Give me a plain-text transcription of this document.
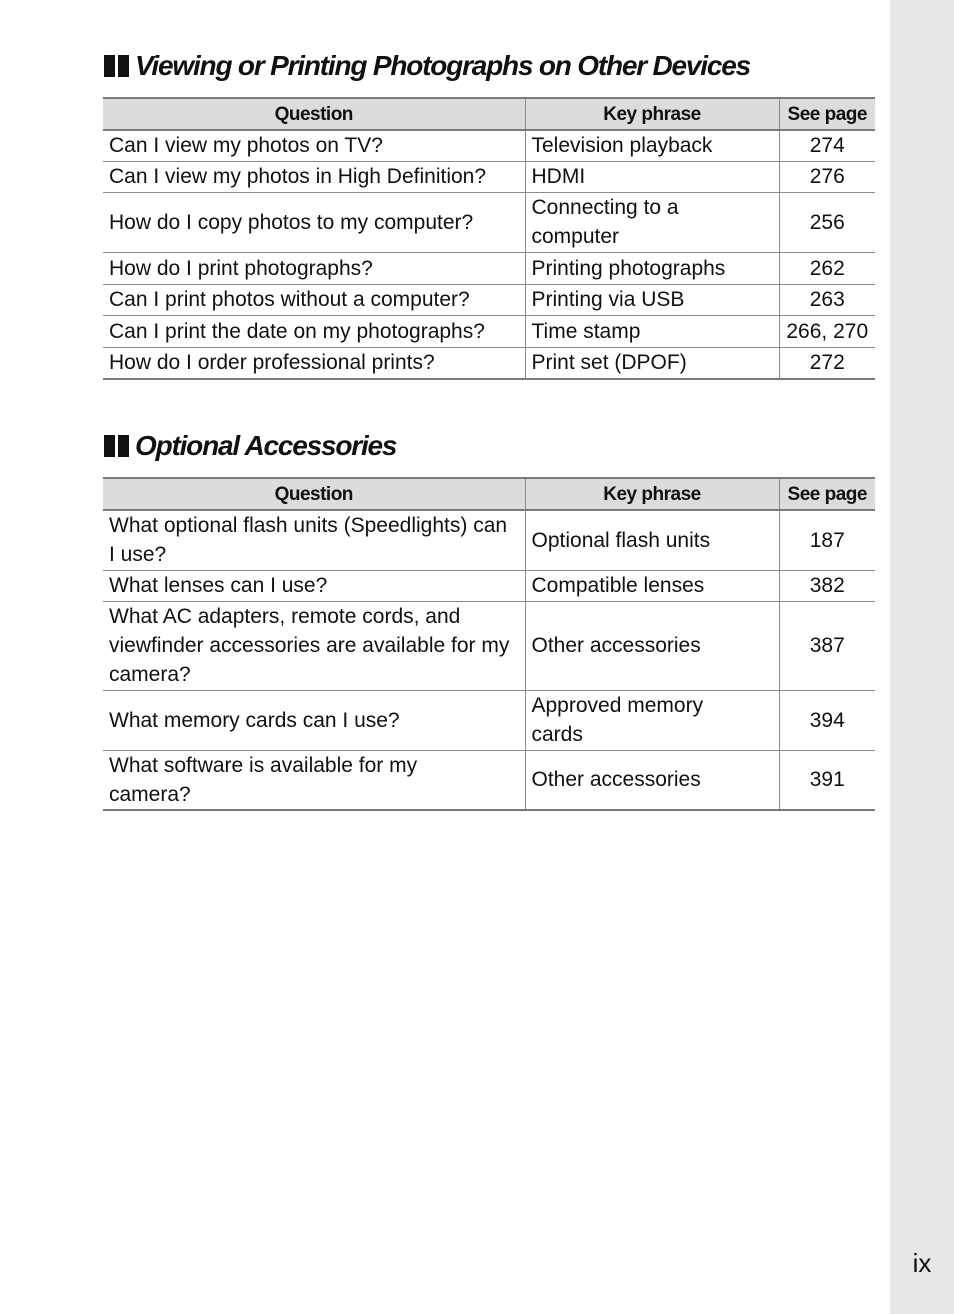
ix
Viewing or Printing Photographs on Other Devices
Question	Key phrase	See page
Can I view my photos on TV?	Television playback	274
Can I view my photos in High Definition?	HDMI	276
How do I copy photos to my computer?	Connecting to a computer	256
How do I print photographs?	Printing photographs	262
Can I print photos without a computer?	Printing via USB	263
Can I print the date on my photographs?	Time stamp	266, 270
How do I order professional prints?	Print set (DPOF)	272
Optional Accessories
Question	Key phrase	See page
What optional flash units (Speedlights) can I use?	Optional flash units	187
What lenses can I use?	Compatible lenses	382
What AC adapters, remote cords, and viewfinder accessories are available for my camera?	Other accessories	387
What memory cards can I use?	Approved memory cards	394
What software is available for my camera?	Other accessories	391
